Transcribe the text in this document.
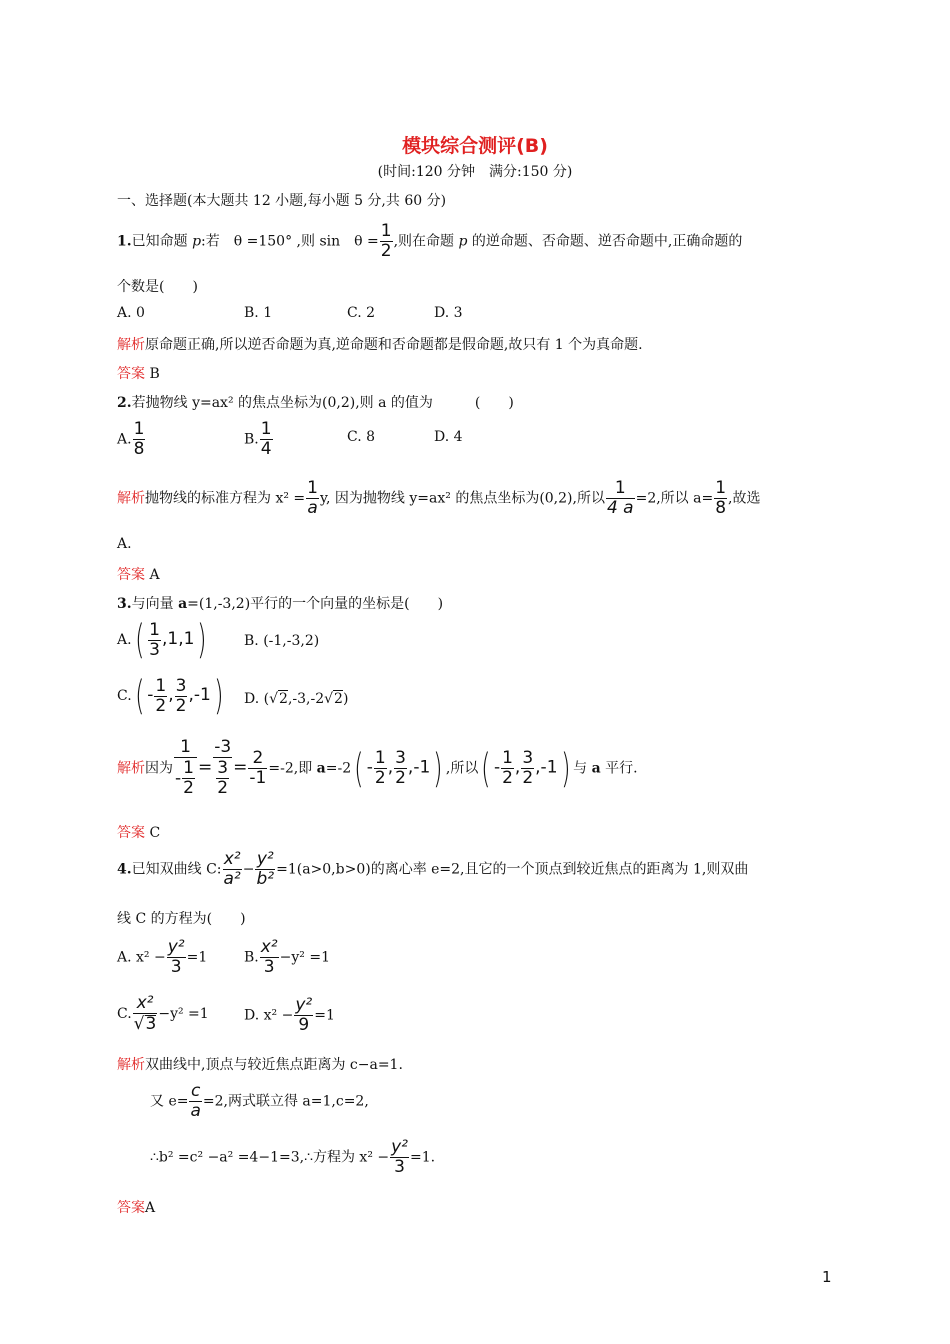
模块综合测评(B)
(时间:120 分钟　满分:150 分)
一、选择题(本大题共 12 小题,每小题 5 分,共 60 分)
1.已知命题 p:若　θ =150° ,则 sin　$\theta = \frac{1}{2}$ ,则在命题 p 的逆命题、否命题、逆否命题中,正确命题的
个数是(　　)
A. 0	B. 1	C. 2	D. 3
解析原命题正确,所以逆否命题为真,逆命题和否命题都是假命题,故只有 1 个为真命题.
答案 B
2.若抛物线 y=ax² 的焦点坐标为(0,2),则 a 的值为　　　(　　)
A. $\frac{1}{8}$	B. $\frac{1}{4}$	C. 8	D. 4
解析抛物线的标准方程为 $x^2 = \frac{1}{a} y$, 因为抛物线 y=ax² 的焦点坐标为(0,2),所以 $\frac{1}{4 a} =2$,所以 $a= \frac{1}{8}$ ,故选
A.
答案 A
3.与向量 a=(1,-3,2)平行的一个向量的坐标是(　　)
$A.( \frac{1}{3} ,1,1)$	B. (-1,-3,2)
$C.( - \frac{1}{2}$ , $\frac{3}{2} ,-1$) D. (√2,-3,-2√2)
解析因为 $\frac{1}{- \frac{1}{2}} = \frac{-3}{\frac{3}{2}} = \frac{2}{-1} =-2$,即 $a=-2( - \frac{1}{2}$ , $\frac{3}{2} ,-1$) ,所以( - $\frac{1}{2}$ , $\frac{3}{2} ,-1$) 与 a 平行.
答案 C
4.已知双曲线 C: $\frac{\text{x²}}{\text{a²}} - \frac{\text{y²}}{\text{b²}} =1(a>0,b>0)$的离心率 e=2,且它的一个顶点到较近焦点的距离为 1,则双曲
线 C 的方程为(　　)
A. $x^2 - \frac{\text{y²}}{3} =1$	B. $\frac{\text{x²}}{3} -y^2 =1$
C. $\frac{\text{x²}}{√3} -y^2 =1$	D. $x^2 - \frac{\text{y²}}{9} =1$
解析双曲线中,顶点与较近焦点距离为 c−a=1.
又 $e= \frac{c}{a} =2$,两式联立得 a=1,c=2,
∴b² =c² −a² =4−1=3,∴方程为 $x^2 - \frac{\text{y²}}{3} =1$.
答案A
1
